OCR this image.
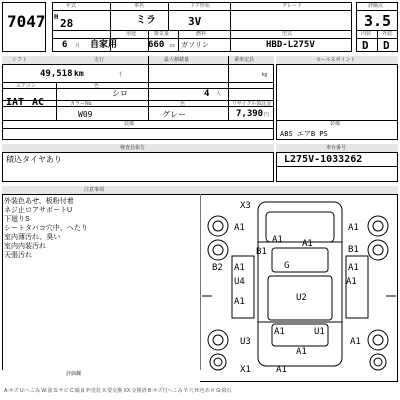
7047
年式	車名	ドア形状	グレード
H 28	ミラ	3V
用途	排気量	燃料	型式
6 月 自家用	660 cc ガソリン	HBD-L275V
評価点
3.5
内装 外装
D D
シフト	走行	最大積載量	乗車定員
49,518 km	千	kg
エアコン	色
IAT AC
シロ	4 人
カラーNo.	色	リサイクル預託金
W09	グレー	7,390 円
装備
セールスポイント
装備
ABS エアB PS
検査員報告
積込タイヤあり
車台番号
L275V-1033262
注意事項
外装色あせ、板粉付着
ネジ止ロアサポートU
下廻りS
シートタバコ穴中、へたり
室内薄汚れ、臭い
室内内装汚れ
天張汚れ
X3
A1	A1
A1 A1
B1	B1
B2 A1	G	A1
U4	A1
U2
A1
A1
U3	A1
U1
A1
X1	A1
評価欄
A:キズ U:へこみ W:波 S:サビ C:腐食 P:塗装 X:要交換 XX:交換済 B:キズ付へこみ Y:穴 H:色あせ G:飛石
